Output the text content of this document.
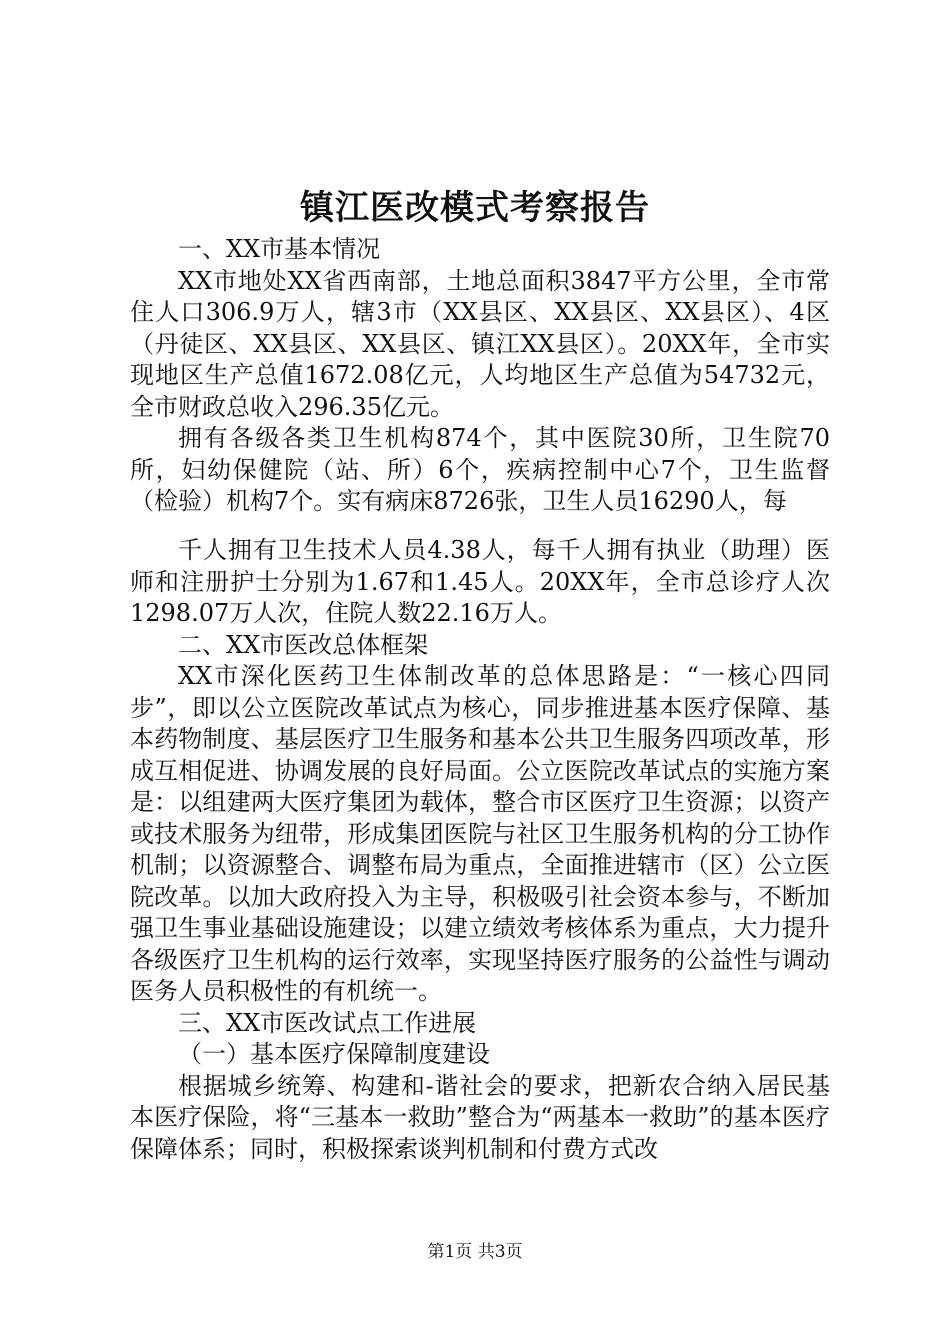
镇江医改模式考察报告

一、XX市基本情况

XX市地处XX省西南部，土地总面积3847平方公里，全市常住人口306.9万人，辖3市（XX县区、XX县区、XX县区）、4区（丹徒区、XX县区、XX县区、镇江XX县区）。20XX年，全市实现地区生产总值1672.08亿元，人均地区生产总值为54732元，全市财政总收入296.35亿元。

拥有各级各类卫生机构874个，其中医院30所，卫生院70所，妇幼保健院（站、所）6个，疾病控制中心7个，卫生监督（检验）机构7个。实有病床8726张，卫生人员16290人，每

千人拥有卫生技术人员4.38人，每千人拥有执业（助理）医师和注册护士分别为1.67和1.45人。20XX年，全市总诊疗人次1298.07万人次，住院人数22.16万人。

二、XX市医改总体框架

XX市深化医药卫生体制改革的总体思路是：“一核心四同步”，即以公立医院改革试点为核心，同步推进基本医疗保障、基本药物制度、基层医疗卫生服务和基本公共卫生服务四项改革，形成互相促进、协调发展的良好局面。公立医院改革试点的实施方案是：以组建两大医疗集团为载体，整合市区医疗卫生资源；以资产或技术服务为纽带，形成集团医院与社区卫生服务机构的分工协作机制；以资源整合、调整布局为重点，全面推进辖市（区）公立医院改革。以加大政府投入为主导，积极吸引社会资本参与，不断加强卫生事业基础设施建设；以建立绩效考核体系为重点，大力提升各级医疗卫生机构的运行效率，实现坚持医疗服务的公益性与调动医务人员积极性的有机统一。

三、XX市医改试点工作进展

（一）基本医疗保障制度建设

根据城乡统筹、构建和-谐社会的要求，把新农合纳入居民基本医疗保险，将“三基本一救助”整合为“两基本一救助”的基本医疗保障体系；同时，积极探索谈判机制和付费方式改

第1页 共3页
